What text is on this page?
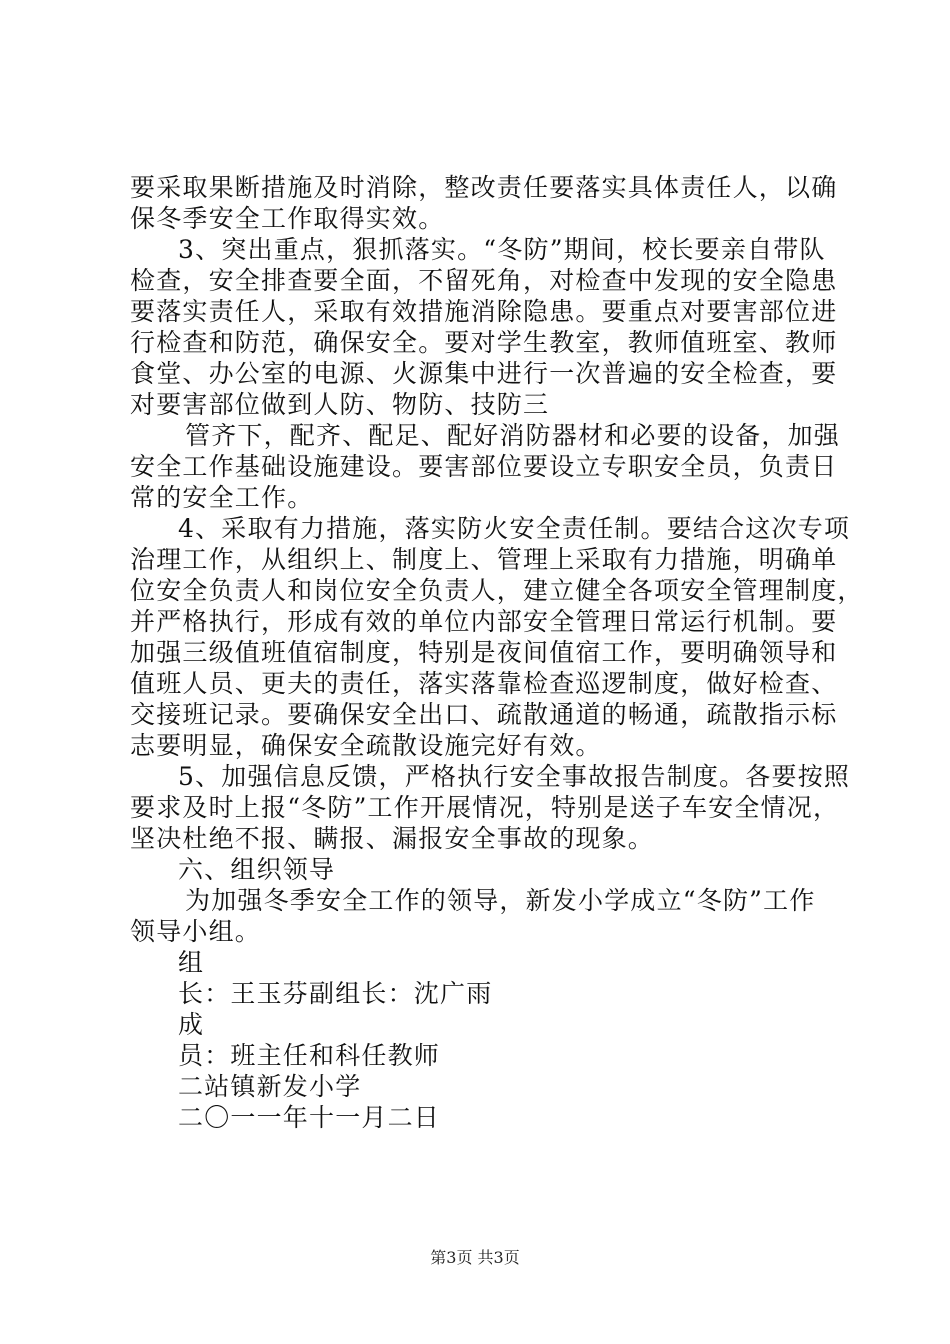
要采取果断措施及时消除，整改责任要落实具体责任人，以确
保冬季安全工作取得实效。
3、突出重点，狠抓落实。“冬防”期间，校长要亲自带队
检查，安全排查要全面，不留死角，对检查中发现的安全隐患
要落实责任人，采取有效措施消除隐患。要重点对要害部位进
行检查和防范，确保安全。要对学生教室，教师值班室、教师
食堂、办公室的电源、火源集中进行一次普遍的安全检查，要
对要害部位做到人防、物防、技防三
管齐下，配齐、配足、配好消防器材和必要的设备，加强
安全工作基础设施建设。要害部位要设立专职安全员，负责日
常的安全工作。
4、采取有力措施，落实防火安全责任制。要结合这次专项
治理工作，从组织上、制度上、管理上采取有力措施，明确单
位安全负责人和岗位安全负责人，建立健全各项安全管理制度，
并严格执行，形成有效的单位内部安全管理日常运行机制。要
加强三级值班值宿制度，特别是夜间值宿工作，要明确领导和
值班人员、更夫的责任，落实落靠检查巡逻制度，做好检查、
交接班记录。要确保安全出口、疏散通道的畅通，疏散指示标
志要明显，确保安全疏散设施完好有效。
5、加强信息反馈，严格执行安全事故报告制度。各要按照
要求及时上报“冬防”工作开展情况，特别是送子车安全情况，
坚决杜绝不报、瞒报、漏报安全事故的现象。
六、组织领导
为加强冬季安全工作的领导，新发小学成立“冬防”工作
领导小组。
组
长：王玉芬副组长：沈广雨
成
员：班主任和科任教师
二站镇新发小学
二〇一一年十一月二日
第3页 共3页
